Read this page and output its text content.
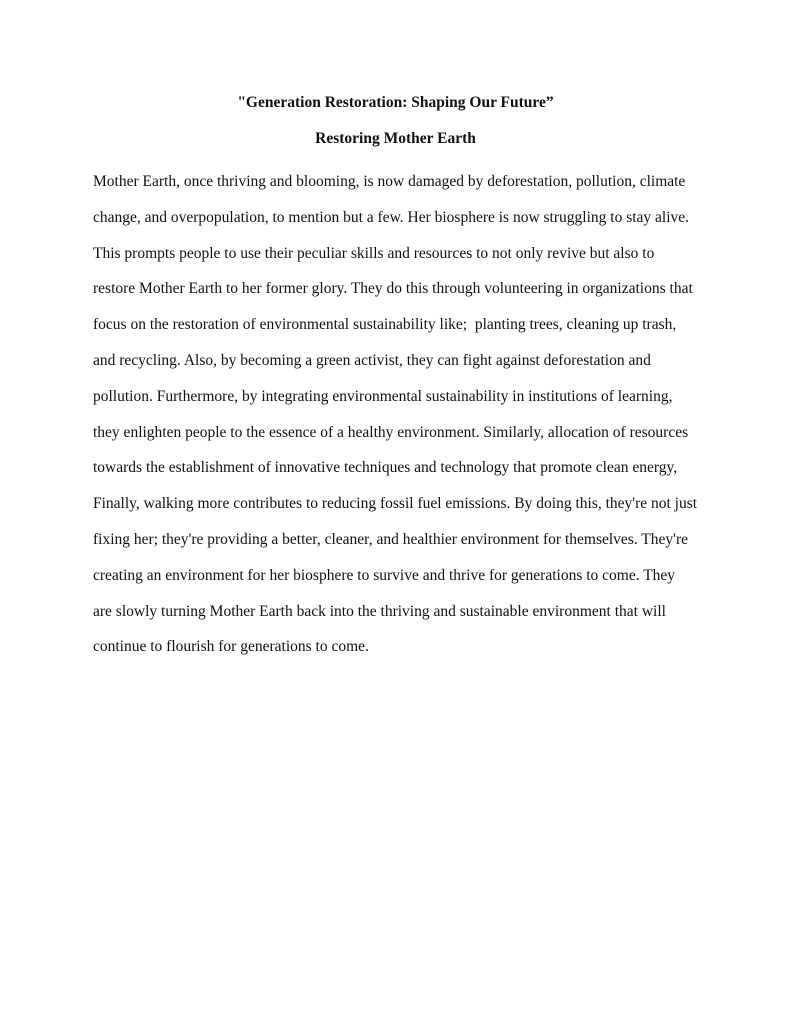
"Generation Restoration: Shaping Our Future”
Restoring Mother Earth
Mother Earth, once thriving and blooming, is now damaged by deforestation, pollution, climate
change, and overpopulation, to mention but a few. Her biosphere is now struggling to stay alive.
This prompts people to use their peculiar skills and resources to not only revive but also to
restore Mother Earth to her former glory. They do this through volunteering in organizations that
focus on the restoration of environmental sustainability like;  planting trees, cleaning up trash,
and recycling. Also, by becoming a green activist, they can fight against deforestation and
pollution. Furthermore, by integrating environmental sustainability in institutions of learning,
they enlighten people to the essence of a healthy environment. Similarly, allocation of resources
towards the establishment of innovative techniques and technology that promote clean energy,
Finally, walking more contributes to reducing fossil fuel emissions. By doing this, they're not just
fixing her; they're providing a better, cleaner, and healthier environment for themselves. They're
creating an environment for her biosphere to survive and thrive for generations to come. They
are slowly turning Mother Earth back into the thriving and sustainable environment that will
continue to flourish for generations to come.
